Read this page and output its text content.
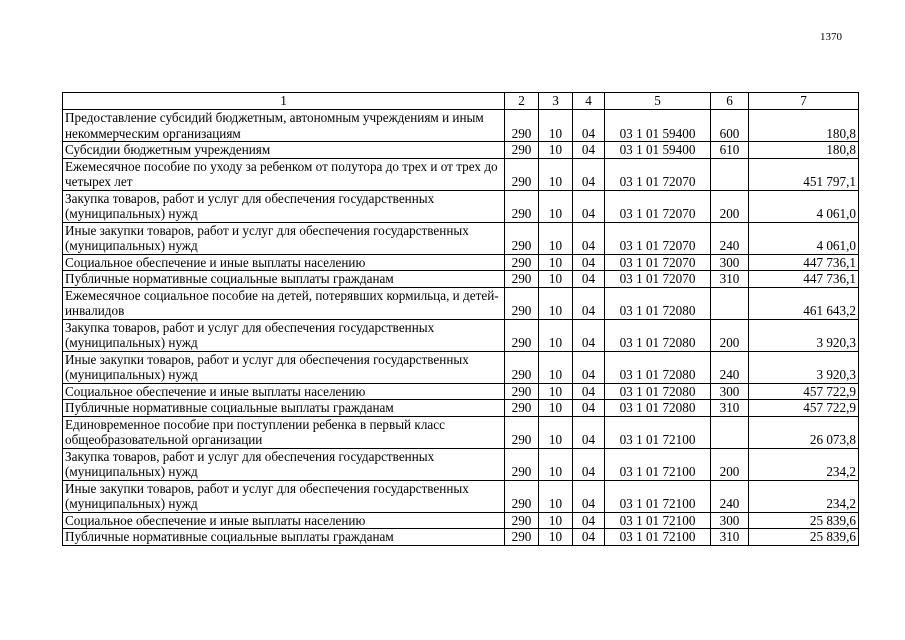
1370
1	2	3	4	5	6	7
Предоставление субсидий бюджетным, автономным учреждениям и иным некоммерческим организациям	290	10	04	03 1 01 59400	600	180,8
Субсидии бюджетным учреждениям	290	10	04	03 1 01 59400	610	180,8
Ежемесячное пособие по уходу за ребенком от полутора до трех и от трех до четырех лет	290	10	04	03 1 01 72070		451 797,1
Закупка товаров, работ и услуг для обеспечения государственных (муниципальных) нужд	290	10	04	03 1 01 72070	200	4 061,0
Иные закупки товаров, работ и услуг для обеспечения государственных (муниципальных) нужд	290	10	04	03 1 01 72070	240	4 061,0
Социальное обеспечение и иные выплаты населению	290	10	04	03 1 01 72070	300	447 736,1
Публичные нормативные социальные выплаты гражданам	290	10	04	03 1 01 72070	310	447 736,1
Ежемесячное социальное пособие на детей, потерявших кормильца, и детей-инвалидов	290	10	04	03 1 01 72080		461 643,2
Закупка товаров, работ и услуг для обеспечения государственных (муниципальных) нужд	290	10	04	03 1 01 72080	200	3 920,3
Иные закупки товаров, работ и услуг для обеспечения государственных (муниципальных) нужд	290	10	04	03 1 01 72080	240	3 920,3
Социальное обеспечение и иные выплаты населению	290	10	04	03 1 01 72080	300	457 722,9
Публичные нормативные социальные выплаты гражданам	290	10	04	03 1 01 72080	310	457 722,9
Единовременное пособие при поступлении ребенка в первый класс общеобразовательной организации	290	10	04	03 1 01 72100		26 073,8
Закупка товаров, работ и услуг для обеспечения государственных (муниципальных) нужд	290	10	04	03 1 01 72100	200	234,2
Иные закупки товаров, работ и услуг для обеспечения государственных (муниципальных) нужд	290	10	04	03 1 01 72100	240	234,2
Социальное обеспечение и иные выплаты населению	290	10	04	03 1 01 72100	300	25 839,6
Публичные нормативные социальные выплаты гражданам	290	10	04	03 1 01 72100	310	25 839,6
